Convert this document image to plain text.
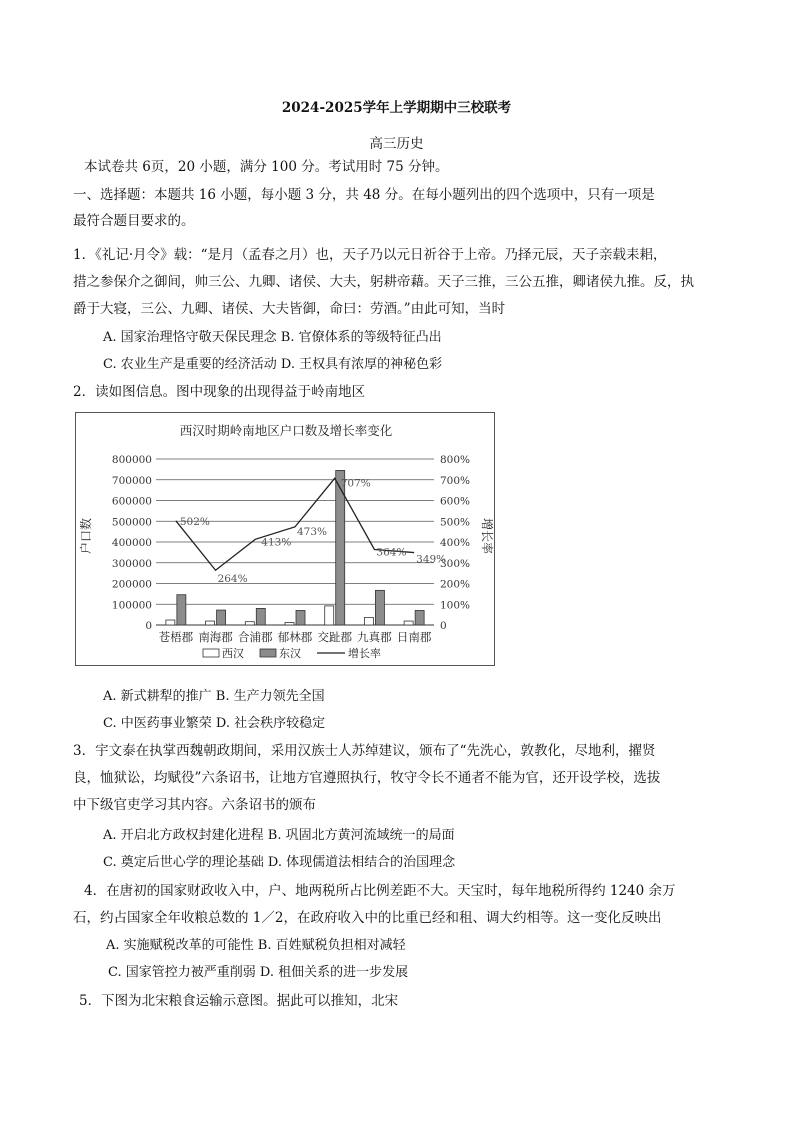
2024-2025学年上学期期中三校联考
高三历史
本试卷共 6页，20 小题，满分 100 分。考试用时 75 分钟。
一、选择题：本题共 16 小题，每小题 3 分，共 48 分。在每小题列出的四个选项中，只有一项是
最符合题目要求的。
1．《礼记·月令》载：“是月（孟春之月）也，天子乃以元日祈谷于上帝。乃择元辰，天子亲载耒耜，
措之参保介之御间，帅三公、九卿、诸侯、大夫，躬耕帝藉。天子三推，三公五推，卿诸侯九推。反，执
爵于大寝，三公、九卿、诸侯、大夫皆御，命曰：劳酒。”由此可知，当时
A. 国家治理恪守敬天保民理念 B. 官僚体系的等级特征凸出
C. 农业生产是重要的经济活动 D. 王权具有浓厚的神秘色彩
2．读如图信息。图中现象的出现得益于岭南地区
西汉时期岭南地区户口数及增长率变化
户口数	增长率
0
100000
200000
300000
400000
500000
600000
700000
800000
0
100%
200%
300%
400%
500%
600%
700%
800%
502%
264%
413%
473%
707%
364%
349%
苍梧郡 南海郡 合浦郡 郁林郡 交趾郡 九真郡 日南郡
西汉	东汉	增长率
A. 新式耕犁的推广 B. 生产力领先全国
C. 中医药事业繁荣 D. 社会秩序较稳定
3．宇文泰在执掌西魏朝政期间，采用汉族士人苏绰建议，颁布了“先洗心，敦教化，尽地利，擢贤
良，恤狱讼，均赋役”六条诏书，让地方官遵照执行，牧守令长不通者不能为官，还开设学校，选拔
中下级官吏学习其内容。六条诏书的颁布
A. 开启北方政权封建化进程 B. 巩固北方黄河流域统一的局面
C. 奠定后世心学的理论基础 D. 体现儒道法相结合的治国理念
4．在唐初的国家财政收入中，户、地两税所占比例差距不大。天宝时，每年地税所得约 1240 余万
石，约占国家全年收粮总数的 1／2，在政府收入中的比重已经和租、调大约相等。这一变化反映出
A. 实施赋税改革的可能性 B. 百姓赋税负担相对减轻
C. 国家管控力被严重削弱 D. 租佃关系的进一步发展
5．下图为北宋粮食运输示意图。据此可以推知，北宋
